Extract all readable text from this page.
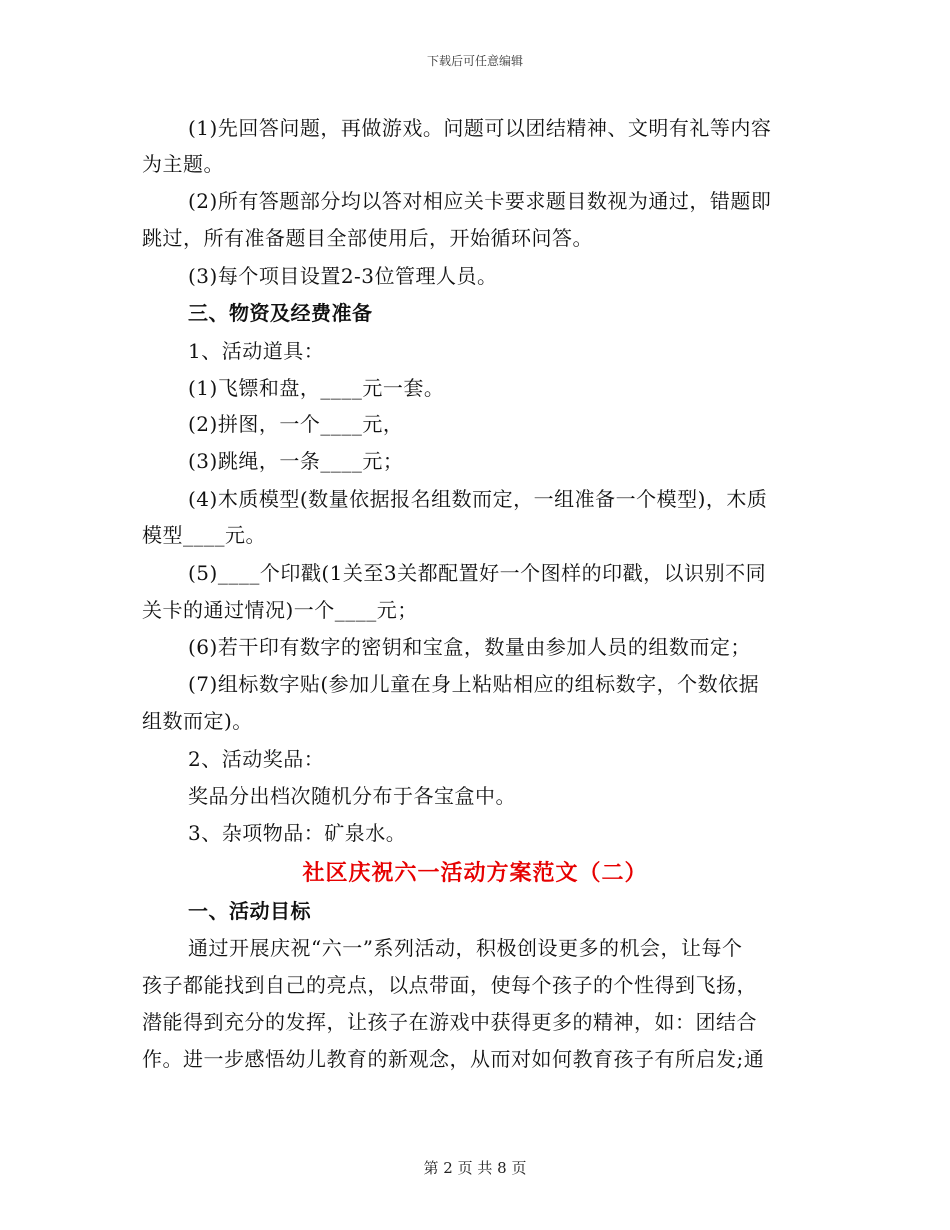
下载后可任意编辑
(1)先回答问题，再做游戏。问题可以团结精神、文明有礼等内容
为主题。
(2)所有答题部分均以答对相应关卡要求题目数视为通过，错题即
跳过，所有准备题目全部使用后，开始循环问答。
(3)每个项目设置2-3位管理人员。
三、物资及经费准备
1、活动道具：
(1)飞镖和盘，____元一套。
(2)拼图，一个____元，
(3)跳绳，一条____元；
(4)木质模型(数量依据报名组数而定，一组准备一个模型)，木质
模型____元。
(5)____个印戳(1关至3关都配置好一个图样的印戳，以识别不同
关卡的通过情况)一个____元；
(6)若干印有数字的密钥和宝盒，数量由参加人员的组数而定；
(7)组标数字贴(参加儿童在身上粘贴相应的组标数字，个数依据
组数而定)。
2、活动奖品：
奖品分出档次随机分布于各宝盒中。
3、杂项物品：矿泉水。
社区庆祝六一活动方案范文（二）
一、活动目标
通过开展庆祝“六一”系列活动，积极创设更多的机会，让每个
孩子都能找到自己的亮点，以点带面，使每个孩子的个性得到飞扬，
潜能得到充分的发挥，让孩子在游戏中获得更多的精神，如：团结合
作。进一步感悟幼儿教育的新观念，从而对如何教育孩子有所启发;通
第 2 页 共 8 页
